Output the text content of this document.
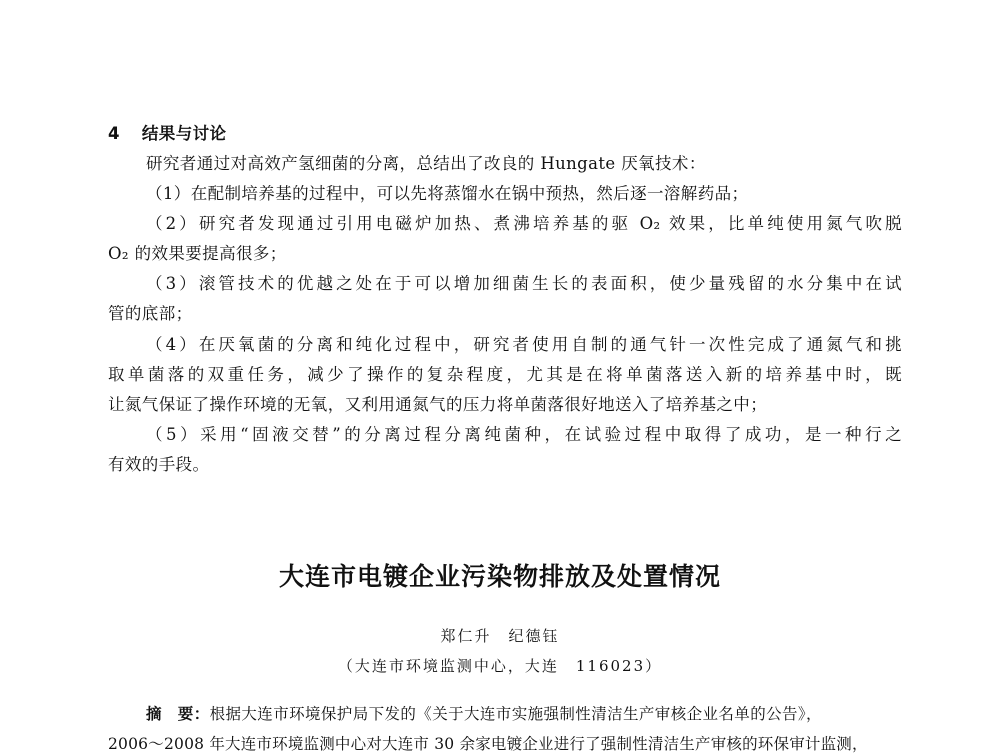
4 结果与讨论

研究者通过对高效产氢细菌的分离，总结出了改良的 Hungate 厌氧技术：

（1）在配制培养基的过程中，可以先将蒸馏水在锅中预热，然后逐一溶解药品；

（2）研究者发现通过引用电磁炉加热、煮沸培养基的驱 O₂ 效果，比单纯使用氮气吹脱

O₂ 的效果要提高很多；

（3）滚管技术的优越之处在于可以增加细菌生长的表面积，使少量残留的水分集中在试

管的底部；

（4）在厌氧菌的分离和纯化过程中，研究者使用自制的通气针一次性完成了通氮气和挑

取单菌落的双重任务，减少了操作的复杂程度，尤其是在将单菌落送入新的培养基中时，既

让氮气保证了操作环境的无氧，又利用通氮气的压力将单菌落很好地送入了培养基之中；

（5）采用“固液交替”的分离过程分离纯菌种，在试验过程中取得了成功，是一种行之

有效的手段。

大连市电镀企业污染物排放及处置情况

郑仁升　纪德钰

（大连市环境监测中心，大连　116023）

摘　要：根据大连市环境保护局下发的《关于大连市实施强制性清洁生产审核企业名单的公告》，

2006～2008 年大连市环境监测中心对大连市 30 余家电镀企业进行了强制性清洁生产审核的环保审计监测，
